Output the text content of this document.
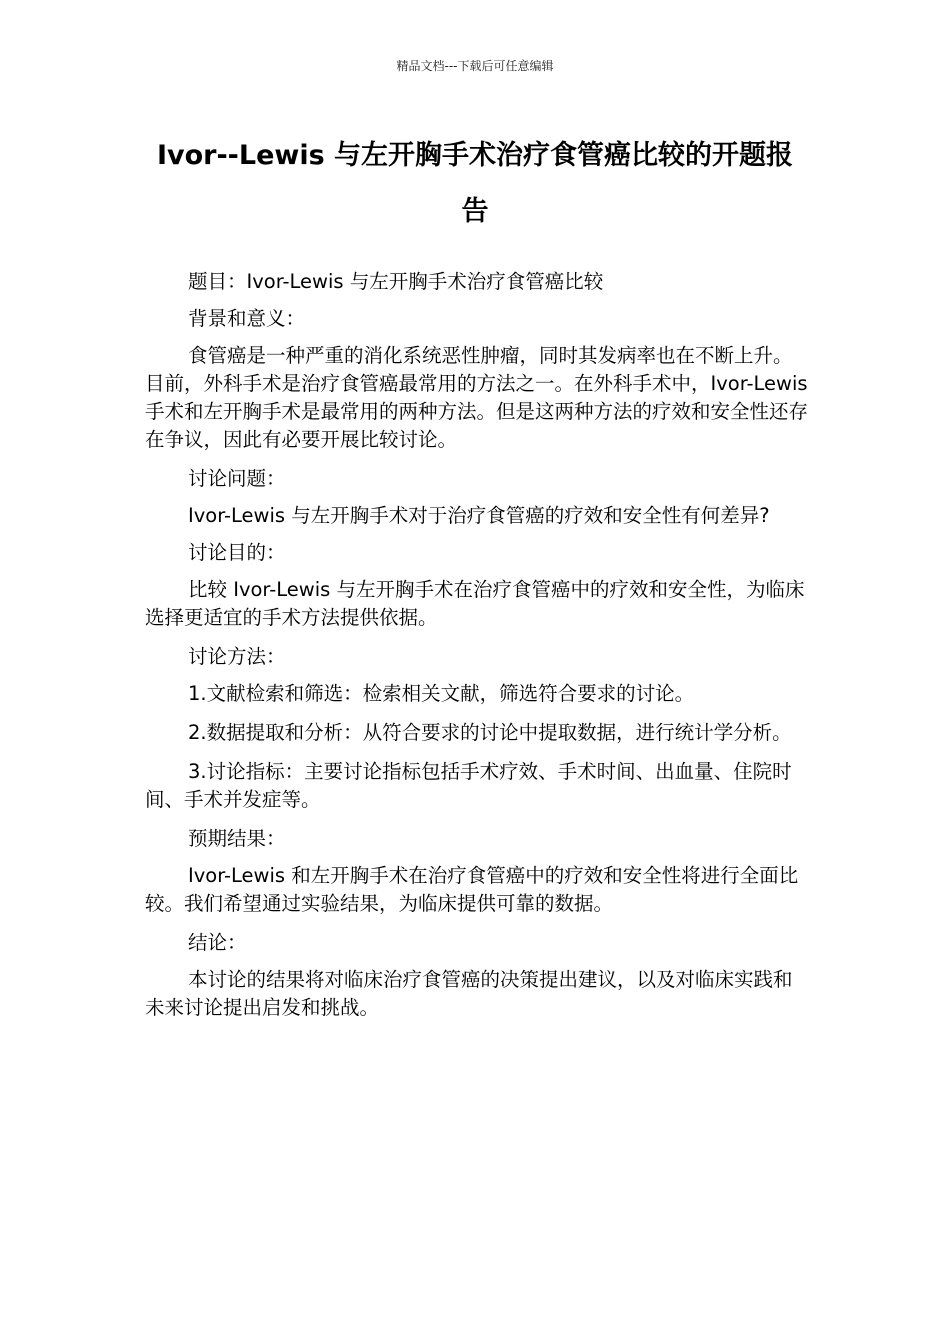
精品文档---下载后可任意编辑
Ivor--Lewis 与左开胸手术治疗食管癌比较的开题报告

题目：Ivor-Lewis 与左开胸手术治疗食管癌比较

背景和意义：

食管癌是一种严重的消化系统恶性肿瘤，同时其发病率也在不断上升。目前，外科手术是治疗食管癌最常用的方法之一。在外科手术中，Ivor-Lewis 手术和左开胸手术是最常用的两种方法。但是这两种方法的疗效和安全性还存在争议，因此有必要开展比较讨论。

讨论问题：

Ivor-Lewis 与左开胸手术对于治疗食管癌的疗效和安全性有何差异?

讨论目的：

比较 Ivor-Lewis 与左开胸手术在治疗食管癌中的疗效和安全性，为临床选择更适宜的手术方法提供依据。

讨论方法：

1.文献检索和筛选：检索相关文献，筛选符合要求的讨论。

2.数据提取和分析：从符合要求的讨论中提取数据，进行统计学分析。

3.讨论指标：主要讨论指标包括手术疗效、手术时间、出血量、住院时间、手术并发症等。

预期结果：

Ivor-Lewis 和左开胸手术在治疗食管癌中的疗效和安全性将进行全面比较。我们希望通过实验结果，为临床提供可靠的数据。

结论：

本讨论的结果将对临床治疗食管癌的决策提出建议，以及对临床实践和未来讨论提出启发和挑战。
